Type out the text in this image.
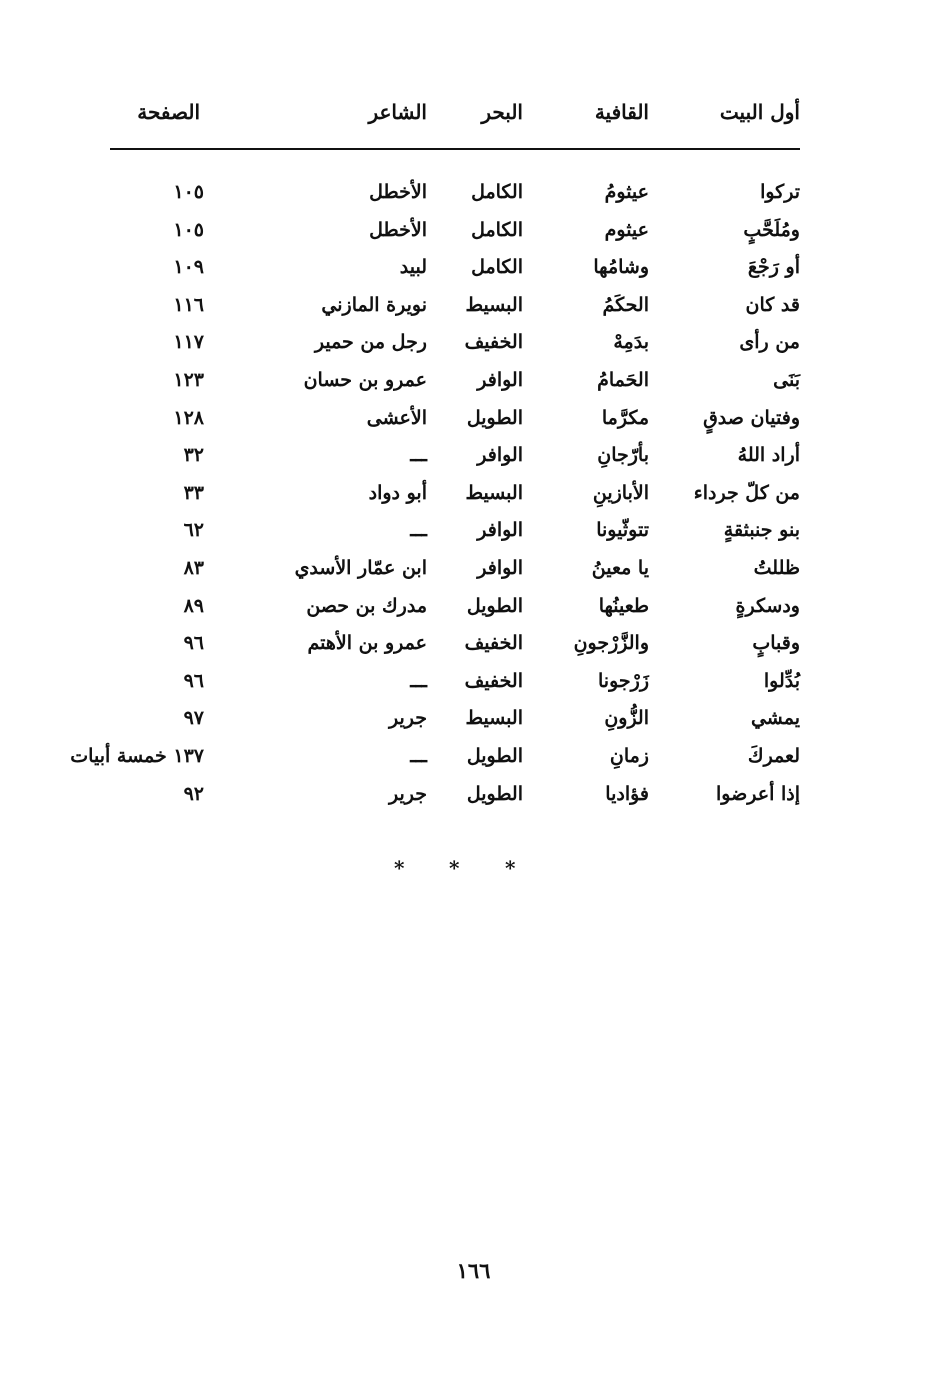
أول البيت
القافية
البحر
الشاعر
الصفحة
تركوا
عيثومُ
الكامل
الأخطل
١٠٥
ومُلَحَّبٍ
عيثوم
الكامل
الأخطل
١٠٥
أو رَجْعَ
وشامُها
الكامل
لبيد
١٠٩
قد كان
الحكَمُ
البسيط
نويرة المازني
١١٦
من رأى
بدَمِهْ
الخفيف
رجل من حمير
١١٧
بَنَى
الحَمامُ
الوافر
عمرو بن حسان
١٢٣
وفتيان صدقٍ
مكرَّما
الطويل
الأعشى
١٢٨
أراد اللهُ
بأرّجانِ
الوافر
ـــ
٣٢
من كلّ جرداء
الأبازينِ
البسيط
أبو دواد
٣٣
بنو جنبثقةٍ
تتوثّيونا
الوافر
ـــ
٦٢
ظللتُ
يا معينُ
الوافر
ابن عمّار الأسدي
٨٣
ودسكرةٍ
طعينُها
الطويل
مدرك بن حصن
٨٩
وقبابٍ
والزَّرْجونِ
الخفيف
عمرو بن الأهتم
٩٦
بُدِّلوا
زَرْجونا
الخفيف
ـــ
٩٦
يمشي
الزُّونِ
البسيط
جرير
٩٧
لعمركَ
زمانِ
الطويل
ـــ
١٣٧ خمسة أبيات
إذا أعرضوا
فؤاديا
الطويل
جرير
٩٢
* * *
١٦٦
